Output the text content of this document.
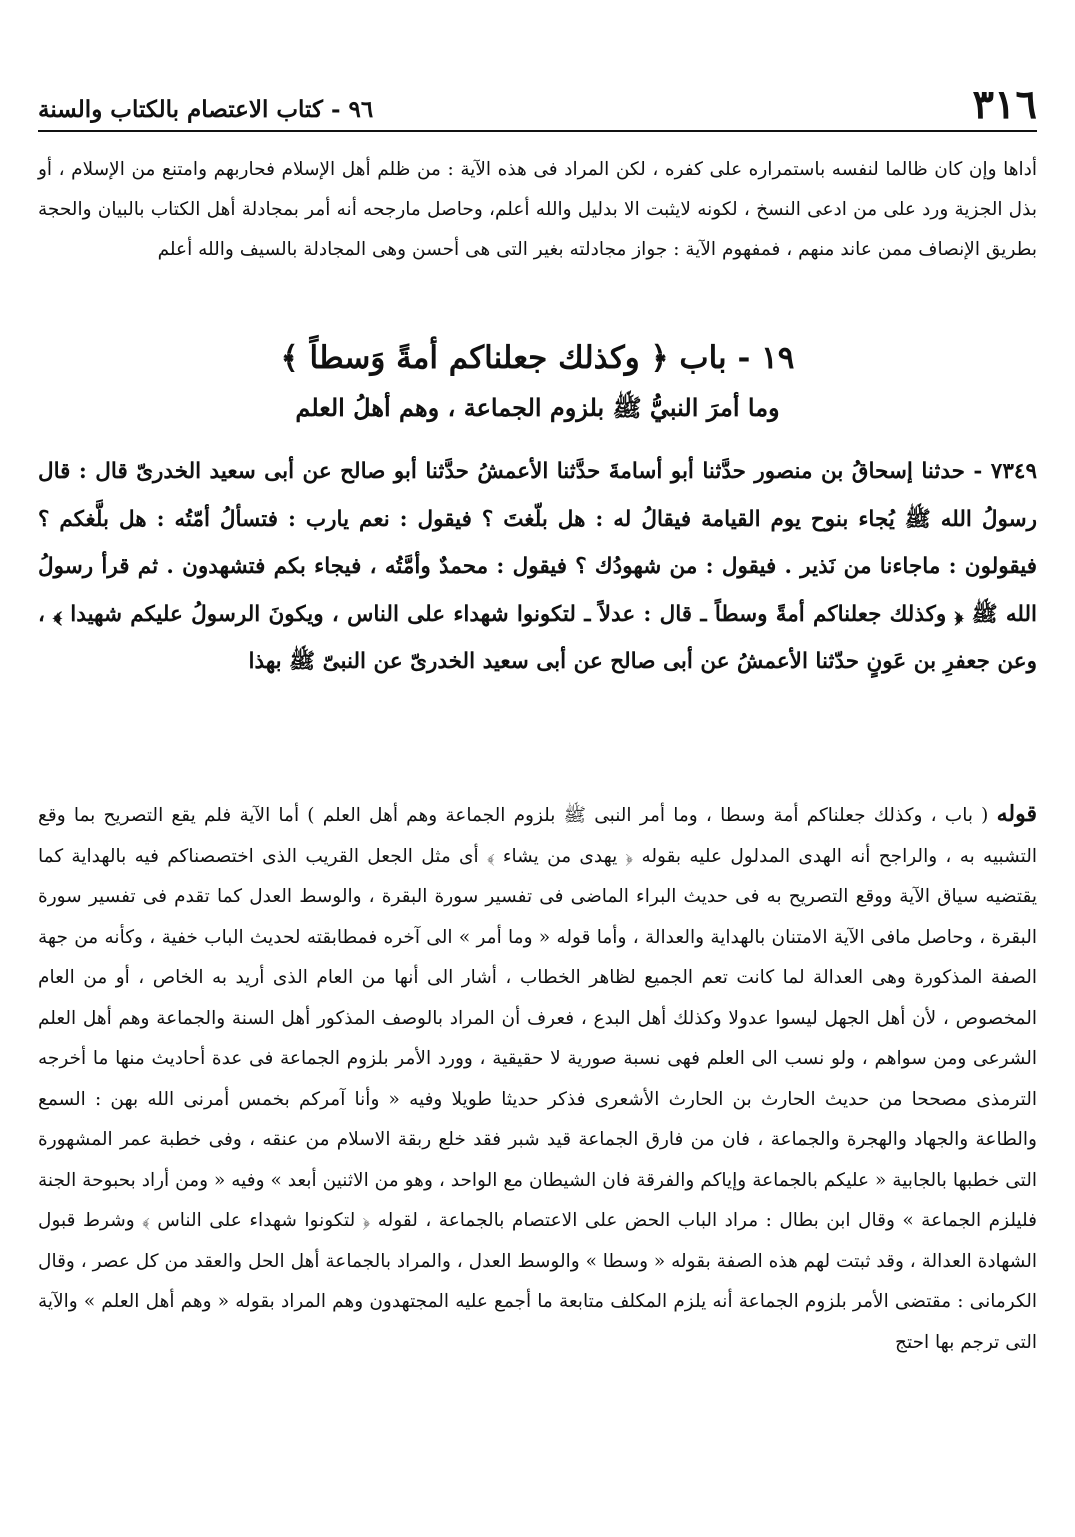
٣١٦
٩٦ - كتاب الاعتصام بالكتاب والسنة

أداها وإن كان ظالما لنفسه باستمراره على كفره ، لكن المراد فى هذه الآية : من ظلم أهل الإسلام فحاربهم وامتنع من الإسلام ، أو بذل الجزية ورد على من ادعى النسخ ، لكونه لايثبت الا بدليل والله أعلم، وحاصل مارجحه أنه أمر بمجادلة أهل الكتاب بالبيان والحجة بطريق الإنصاف ممن عاند منهم ، فمفهوم الآية : جواز مجادلته بغير التى هى أحسن وهى المجادلة بالسيف والله أعلم

١٩ - باب ﴿ وكذلك جعلناكم أمةً وَسطاً ﴾
وما أمرَ النبيُّ ﷺ بلزوم الجماعة ، وهم أهلُ العلم

٧٣٤٩ - حدثنا إسحاقُ بن منصور حدَّثنا أبو أسامةَ حدَّثنا الأعمشُ حدَّثنا أبو صالح عن أبى سعيد الخدرىّ قال : قال رسولُ الله ﷺ يُجاء بنوح يوم القيامة فيقالُ له : هل بلّغتَ ؟ فيقول : نعم يارب : فتسألُ أمّتُه : هل بلَّغكم ؟ فيقولون : ماجاءنا من نَذير . فيقول : من شهودُك ؟ فيقول : محمدٌ وأمَّتُه ، فيجاء بكم فتشهدون . ثم قرأ رسولُ الله ﷺ ﴿ وكذلك جعلناكم أمةً وسطاً ـ قال : عدلاً ـ لتكونوا شهداء على الناس ، ويكونَ الرسولُ عليكم شهيدا ﴾ ، وعن جعفرِ بن عَونٍ حدّثنا الأعمشُ عن أبى صالح عن أبى سعيد الخدرىّ عن النبىّ ﷺ بهذا

قوله ( باب ، وكذلك جعلناكم أمة وسطا ، وما أمر النبى ﷺ بلزوم الجماعة وهم أهل العلم ) أما الآية فلم يقع التصريح بما وقع التشبيه به ، والراجح أنه الهدى المدلول عليه بقوله ﴿ يهدى من يشاء ﴾ أى مثل الجعل القريب الذى اختصصناكم فيه بالهداية كما يقتضيه سياق الآية ووقع التصريح به فى حديث البراء الماضى فى تفسير سورة البقرة ، والوسط العدل كما تقدم فى تفسير سورة البقرة ، وحاصل مافى الآية الامتنان بالهداية والعدالة ، وأما قوله « وما أمر » الى آخره فمطابقته لحديث الباب خفية ، وكأنه من جهة الصفة المذكورة وهى العدالة لما كانت تعم الجميع لظاهر الخطاب ، أشار الى أنها من العام الذى أريد به الخاص ، أو من العام المخصوص ، لأن أهل الجهل ليسوا عدولا وكذلك أهل البدع ، فعرف أن المراد بالوصف المذكور أهل السنة والجماعة وهم أهل العلم الشرعى ومن سواهم ، ولو نسب الى العلم فهى نسبة صورية لا حقيقية ، وورد الأمر بلزوم الجماعة فى عدة أحاديث منها ما أخرجه الترمذى مصححا من حديث الحارث بن الحارث الأشعرى فذكر حديثا طويلا وفيه « وأنا آمركم بخمس أمرنى الله بهن : السمع والطاعة والجهاد والهجرة والجماعة ، فان من فارق الجماعة قيد شبر فقد خلع ربقة الاسلام من عنقه ، وفى خطبة عمر المشهورة التى خطبها بالجابية « عليكم بالجماعة وإياكم والفرقة فان الشيطان مع الواحد ، وهو من الاثنين أبعد » وفيه « ومن أراد بحبوحة الجنة فليلزم الجماعة » وقال ابن بطال : مراد الباب الحض على الاعتصام بالجماعة ، لقوله ﴿ لتكونوا شهداء على الناس ﴾ وشرط قبول الشهادة العدالة ، وقد ثبتت لهم هذه الصفة بقوله « وسطا » والوسط العدل ، والمراد بالجماعة أهل الحل والعقد من كل عصر ، وقال الكرمانى : مقتضى الأمر بلزوم الجماعة أنه يلزم المكلف متابعة ما أجمع عليه المجتهدون وهم المراد بقوله « وهم أهل العلم » والآية التى ترجم بها احتج
